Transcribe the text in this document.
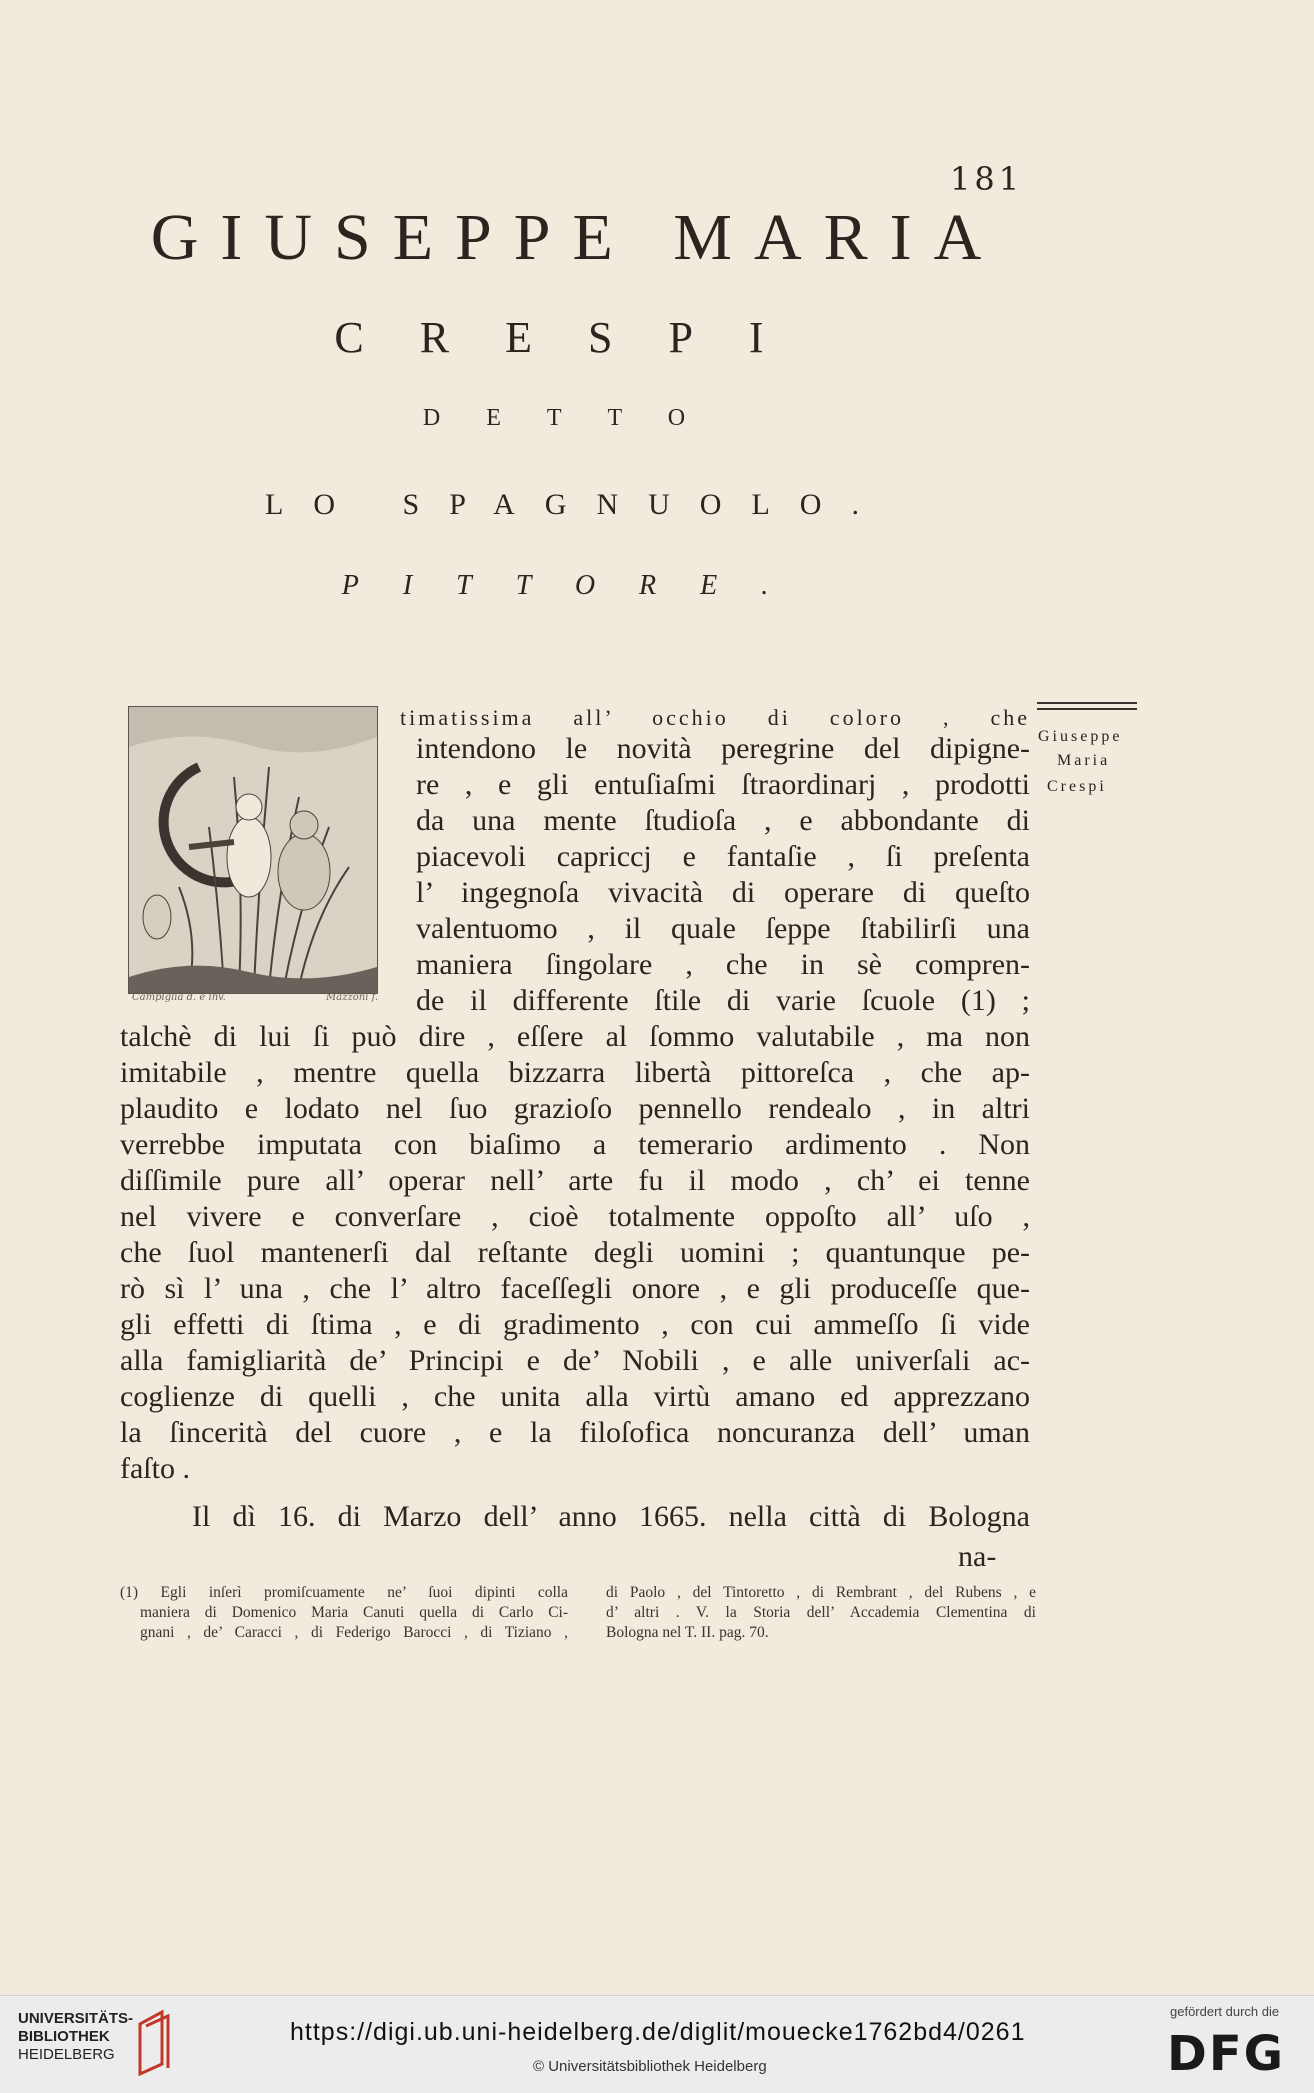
181
GIUSEPPE MARIA
CRESPI
DETTO
LO SPAGNUOLO.
PITTORE.
Campiglia d. e inv.	Mazzoni f.
Giuseppe
Maria
Crespi
timatissima all’ occhio di coloro , che
intendono le novità peregrine del dipigne-
re , e gli entuſiaſmi ſtraordinarj , prodotti
da una mente ſtudioſa , e abbondante di
piacevoli capriccj e fantaſie , ſi preſenta
l’ ingegnoſa vivacità di operare di queſto
valentuomo , il quale ſeppe ſtabilirſi una
maniera ſingolare , che in sè compren-
de il differente ſtile di varie ſcuole (1) ;
talchè di lui ſi può dire , eſſere al ſommo valutabile , ma non
imitabile , mentre quella bizzarra libertà pittoreſca , che ap-
plaudito e lodato nel ſuo grazioſo pennello rendealo , in altri
verrebbe imputata con biaſimo a temerario ardimento . Non
diſſimile pure all’ operar nell’ arte fu il modo , ch’ ei tenne
nel vivere e converſare , cioè totalmente oppoſto all’ uſo ,
che ſuol mantenerſi dal reſtante degli uomini ; quantunque pe-
rò sì l’ una , che l’ altro faceſſegli onore , e gli produceſſe que-
gli effetti di ſtima , e di gradimento , con cui ammeſſo ſi vide
alla famigliarità de’ Principi e de’ Nobili , e alle univerſali ac-
coglienze di quelli , che unita alla virtù amano ed apprezzano
la ſincerità del cuore , e la filoſofica noncuranza dell’ uman
faſto .
Il dì 16. di Marzo dell’ anno 1665. nella città di Bologna
na-
(1) Egli inſerì promiſcuamente ne’ ſuoi dipinti colla
maniera di Domenico Maria Canuti quella di Carlo Ci-
gnani , de’ Caracci , di Federigo Barocci , di Tiziano ,
di Paolo , del Tintoretto , di Rembrant , del Rubens , e
d’ altri . V. la Storia dell’ Accademia Clementina di
Bologna nel T. II. pag. 70.
UNIVERSITÄTS-
BIBLIOTHEK
HEIDELBERG
https://digi.ub.uni-heidelberg.de/diglit/mouecke1762bd4/0261
© Universitätsbibliothek Heidelberg
gefördert durch die
DFG
